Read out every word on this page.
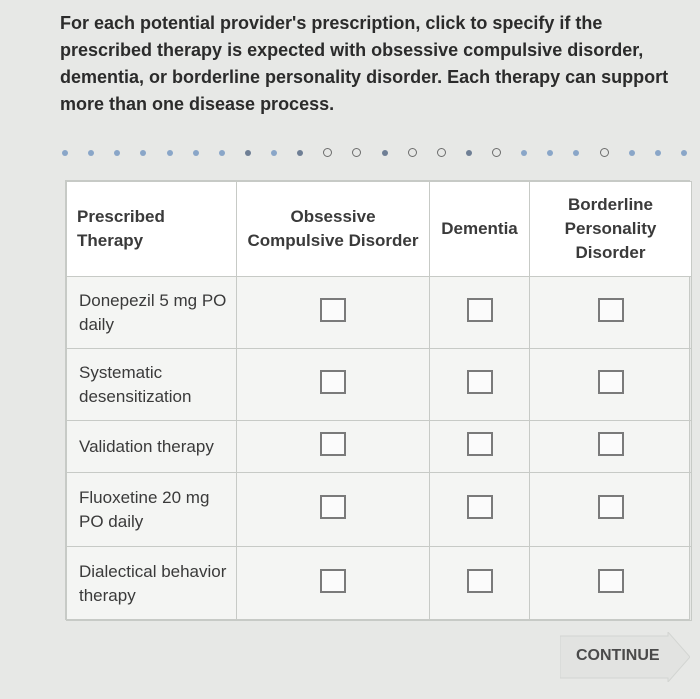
For each potential provider's prescription, click to specify if the prescribed therapy is expected with obsessive compulsive disorder, dementia, or borderline personality disorder. Each therapy can support more than one disease process.
Prescribed Therapy	Obsessive Compulsive Disorder	Dementia	Borderline Personality Disorder
Donepezil 5 mg PO daily			
Systematic desensitization			
Validation therapy			
Fluoxetine 20 mg PO daily			
Dialectical behavior therapy			
CONTINUE
